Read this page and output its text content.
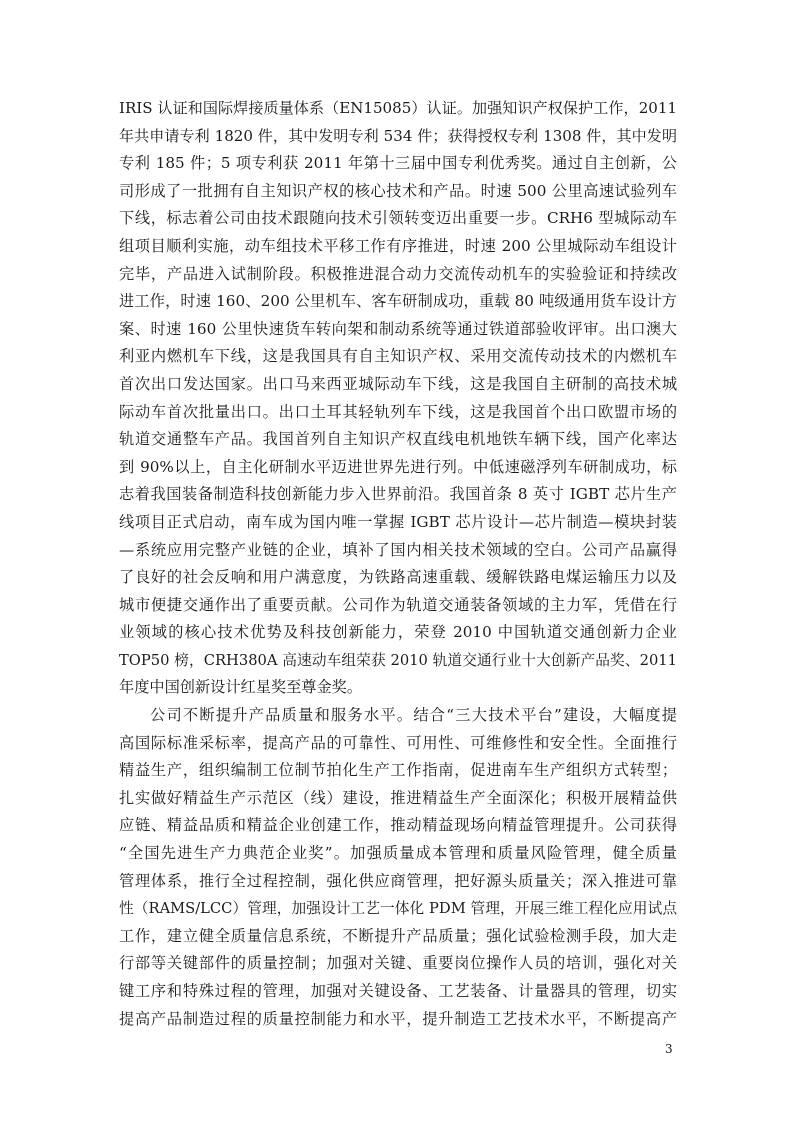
IRIS 认证和国际焊接质量体系（EN15085）认证。加强知识产权保护工作，2011
年共申请专利 1820 件，其中发明专利 534 件；获得授权专利 1308 件，其中发明
专利 185 件；5 项专利获 2011 年第十三届中国专利优秀奖。通过自主创新，公
司形成了一批拥有自主知识产权的核心技术和产品。时速 500 公里高速试验列车
下线，标志着公司由技术跟随向技术引领转变迈出重要一步。CRH6 型城际动车
组项目顺利实施，动车组技术平移工作有序推进，时速 200 公里城际动车组设计
完毕，产品进入试制阶段。积极推进混合动力交流传动机车的实验验证和持续改
进工作，时速 160、200 公里机车、客车研制成功，重载 80 吨级通用货车设计方
案、时速 160 公里快速货车转向架和制动系统等通过铁道部验收评审。出口澳大
利亚内燃机车下线，这是我国具有自主知识产权、采用交流传动技术的内燃机车
首次出口发达国家。出口马来西亚城际动车下线，这是我国自主研制的高技术城
际动车首次批量出口。出口土耳其轻轨列车下线，这是我国首个出口欧盟市场的
轨道交通整车产品。我国首列自主知识产权直线电机地铁车辆下线，国产化率达
到 90%以上，自主化研制水平迈进世界先进行列。中低速磁浮列车研制成功，标
志着我国装备制造科技创新能力步入世界前沿。我国首条 8 英寸 IGBT 芯片生产
线项目正式启动，南车成为国内唯一掌握 IGBT 芯片设计—芯片制造—模块封装
—系统应用完整产业链的企业，填补了国内相关技术领域的空白。公司产品赢得
了良好的社会反响和用户满意度，为铁路高速重载、缓解铁路电煤运输压力以及
城市便捷交通作出了重要贡献。公司作为轨道交通装备领域的主力军，凭借在行
业领域的核心技术优势及科技创新能力，荣登 2010 中国轨道交通创新力企业
TOP50 榜，CRH380A 高速动车组荣获 2010 轨道交通行业十大创新产品奖、2011
年度中国创新设计红星奖至尊金奖。
公司不断提升产品质量和服务水平。结合“三大技术平台”建设，大幅度提
高国际标准采标率，提高产品的可靠性、可用性、可维修性和安全性。全面推行
精益生产，组织编制工位制节拍化生产工作指南，促进南车生产组织方式转型；
扎实做好精益生产示范区（线）建设，推进精益生产全面深化；积极开展精益供
应链、精益品质和精益企业创建工作，推动精益现场向精益管理提升。公司获得
“全国先进生产力典范企业奖”。加强质量成本管理和质量风险管理，健全质量
管理体系，推行全过程控制，强化供应商管理，把好源头质量关；深入推进可靠
性（RAMS/LCC）管理，加强设计工艺一体化 PDM 管理，开展三维工程化应用试点
工作，建立健全质量信息系统，不断提升产品质量；强化试验检测手段，加大走
行部等关键部件的质量控制；加强对关键、重要岗位操作人员的培训，强化对关
键工序和特殊过程的管理，加强对关键设备、工艺装备、计量器具的管理，切实
提高产品制造过程的质量控制能力和水平，提升制造工艺技术水平，不断提高产
3
